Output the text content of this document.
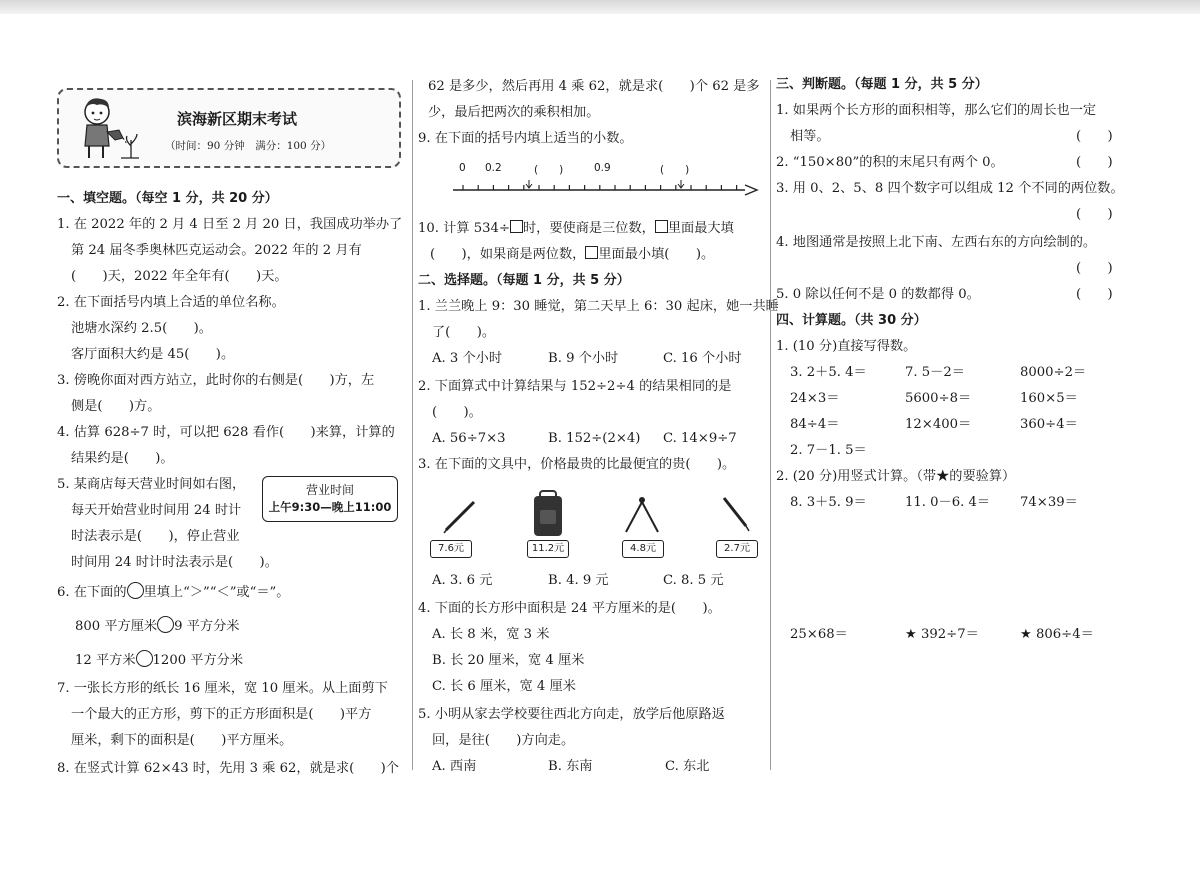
滨海新区期末考试
（时间：90 分钟　满分：100 分）
一、填空题。（每空 1 分，共 20 分）
1. 在 2022 年的 2 月 4 日至 2 月 20 日，我国成功举办了
第 24 届冬季奥林匹克运动会。2022 年的 2 月有
(　　)天，2022 年全年有(　　)天。
2. 在下面括号内填上合适的单位名称。
池塘水深约 2.5(　　)。
客厅面积大约是 45(　　)。
3. 傍晚你面对西方站立，此时你的右侧是(　　)方，左
侧是(　　)方。
4. 估算 628÷7 时，可以把 628 看作(　　)来算，计算的
结果约是(　　)。
5. 某商店每天营业时间如右图，
每天开始营业时间用 24 时计
时法表示是(　　)，停止营业
时间用 24 时计时法表示是(　　)。
营业时间
上午9:30—晚上11:00
6. 在下面的 里填上“＞”“＜”或“＝”。
800 平方厘米 9 平方分米
12 平方米 1200 平方分米
7. 一张长方形的纸长 16 厘米，宽 10 厘米。从上面剪下
一个最大的正方形，剪下的正方形面积是(　　)平方
厘米，剩下的面积是(　　)平方厘米。
8. 在竖式计算 62×43 时，先用 3 乘 62，就是求(　　)个
62 是多少，然后再用 4 乘 62，就是求(　　)个 62 是多
少，最后把两次的乘积相加。
9. 在下面的括号内填上适当的小数。
0 0.2	(　　)	0.9	(　　)
10. 计算 534÷ 时，要使商是三位数， 里面最大填
(　　)，如果商是两位数， 里面最小填(　　)。
二、选择题。（每题 1 分，共 5 分）
1. 兰兰晚上 9：30 睡觉，第二天早上 6：30 起床，她一共睡
了(　　)。
A. 3 个小时	B. 9 个小时	C. 16 个小时
2. 下面算式中计算结果与 152÷2÷4 的结果相同的是
(　　)。
A. 56÷7×3	B. 152÷(2×4) C. 14×9÷7
3. 在下面的文具中，价格最贵的比最便宜的贵(　　)。
7.6元	11.2元	4.8元	2.7元
A. 3. 6 元	B. 4. 9 元	C. 8. 5 元
4. 下面的长方形中面积是 24 平方厘米的是(　　)。
A. 长 8 米，宽 3 米
B. 长 20 厘米，宽 4 厘米
C. 长 6 厘米，宽 4 厘米
5. 小明从家去学校要往西北方向走，放学后他原路返
回，是往(　　)方向走。
A. 西南	B. 东南	C. 东北
三、判断题。（每题 1 分，共 5 分）
1. 如果两个长方形的面积相等，那么它们的周长也一定
相等。	(　　)
2. “150×80”的积的末尾只有两个 0。	(　　)
3. 用 0、2、5、8 四个数字可以组成 12 个不同的两位数。
(　　)
4. 地图通常是按照上北下南、左西右东的方向绘制的。
(　　)
5. 0 除以任何不是 0 的数都得 0。	(　　)
四、计算题。（共 30 分）
1. (10 分)直接写得数。
3. 2＋5. 4＝	7. 5－2＝	8000÷2＝
24×3＝	5600÷8＝	160×5＝
84÷4＝	12×400＝	360÷4＝
2. 7－1. 5＝
2. (20 分)用竖式计算。（带★的要验算）
8. 3＋5. 9＝	11. 0－6. 4＝ 74×39＝
25×68＝	★ 392÷7＝	★ 806÷4＝
